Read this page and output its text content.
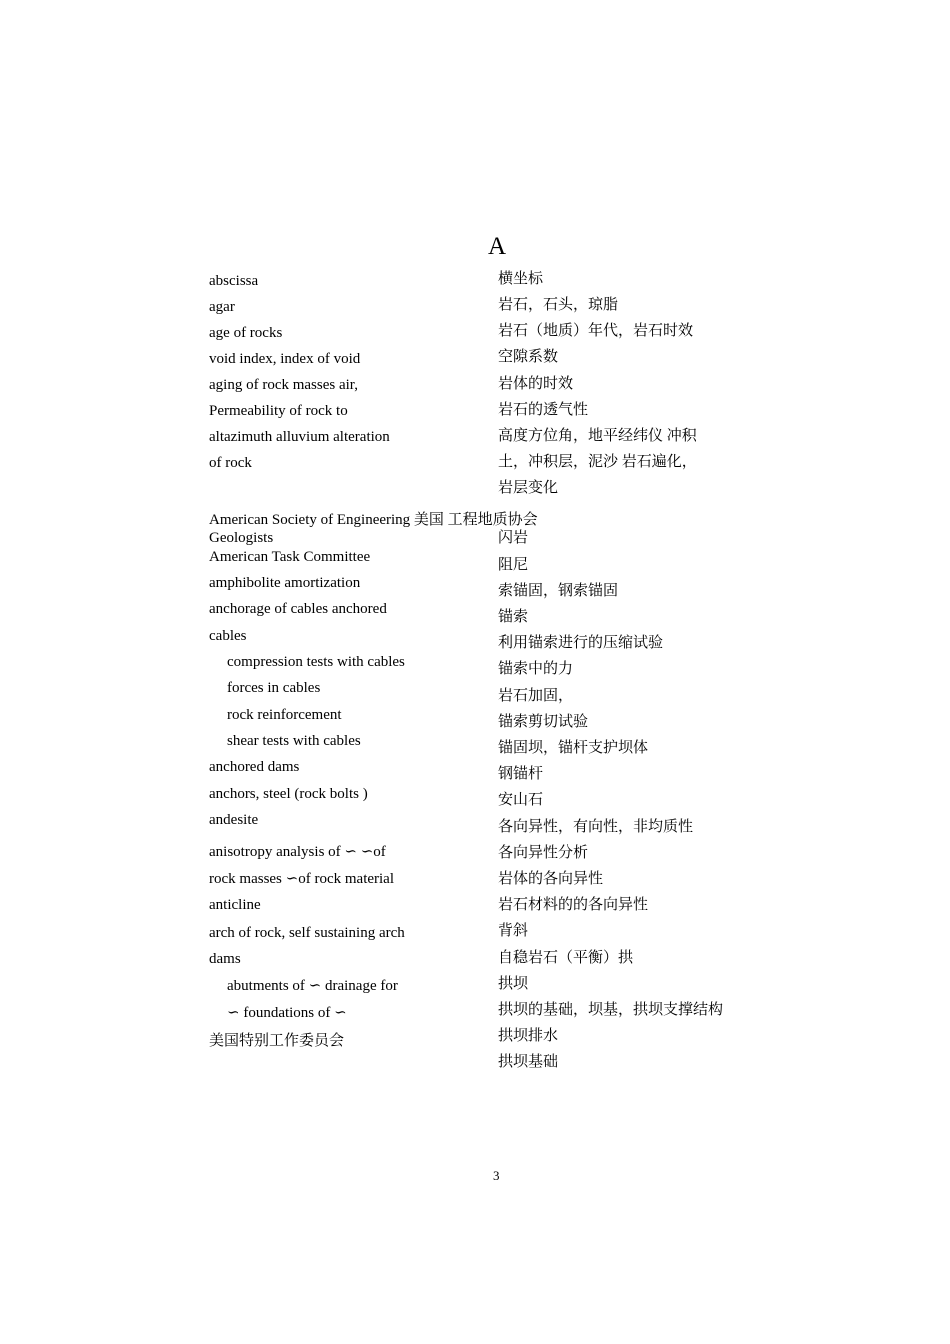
A
abscissa
agar
age of rocks
void index, index of void
aging of rock masses air,
Permeability of rock to
altazimuth alluvium alteration
of rock
American Society of Engineering 美国 工程地质协会
Geologists
American Task Committee
amphibolite amortization
anchorage of cables anchored
cables
compression tests with cables
forces in cables
rock reinforcement
shear tests with cables
anchored dams
anchors, steel (rock bolts )
andesite
anisotropy analysis of ∽ ∽of
rock masses ∽of rock material
anticline
arch of rock, self sustaining arch
dams
abutments of ∽ drainage for
∽ foundations of ∽
美国特别工作委员会
横坐标
岩石，石头，琼脂
岩石（地质）年代，岩石时效
空隙系数
岩体的时效
岩石的透气性
高度方位角，地平经纬仪 冲积
土，冲积层，泥沙 岩石遍化，
岩层变化
闪岩
阻尼
索锚固，钢索锚固
锚索
利用锚索进行的压缩试验
锚索中的力
岩石加固，
锚索剪切试验
锚固坝，锚杆支护坝体
钢锚杆
安山石
各向异性，有向性，非均质性
各向异性分析
岩体的各向异性
岩石材料的的各向异性
背斜
自稳岩石（平衡）拱
拱坝
拱坝的基础，坝基，拱坝支撑结构
拱坝排水
拱坝基础
3
